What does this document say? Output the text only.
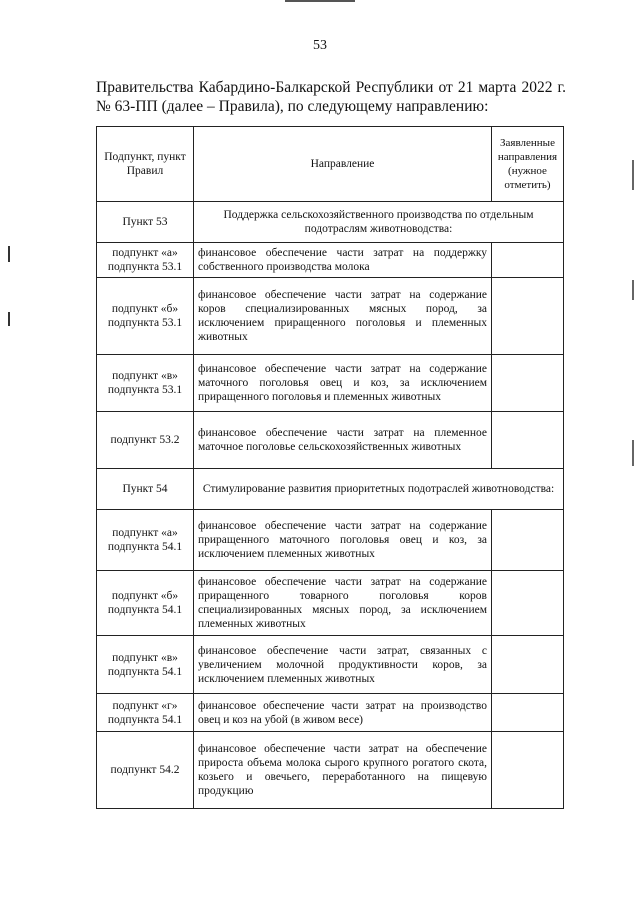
53
Правительства Кабардино-Балкарской Республики от 21 марта 2022 г.
№ 63-ПП (далее – Правила), по следующему направлению:
Подпункт, пункт Правил	Направление	Заявленные направления (нужное отметить)
Пункт 53	Поддержка сельскохозяйственного производства по отдельным подотраслям животноводства:	
подпункт «а» подпункта 53.1	финансовое обеспечение части затрат на поддержку собственного производства молока	
подпункт «б» подпункта 53.1	финансовое обеспечение части затрат на содержание коров специализированных мясных пород, за исключением приращенного поголовья и племенных животных	
подпункт «в» подпункта 53.1	финансовое обеспечение части затрат на содержание маточного поголовья овец и коз, за исключением приращенного поголовья и племенных животных	
подпункт 53.2	финансовое обеспечение части затрат на племенное маточное поголовье сельскохозяйственных животных	
Пункт 54	Стимулирование развития приоритетных подотраслей животноводства:	
подпункт «а» подпункта 54.1	финансовое обеспечение части затрат на содержание приращенного маточного поголовья овец и коз, за исключением племенных животных	
подпункт «б» подпункта 54.1	финансовое обеспечение части затрат на содержание приращенного товарного поголовья коров специализированных мясных пород, за исключением племенных животных	
подпункт «в» подпункта 54.1	финансовое обеспечение части затрат, связанных с увеличением молочной продуктивности коров, за исключением племенных животных	
подпункт «г» подпункта 54.1	финансовое обеспечение части затрат на производство овец и коз на убой (в живом весе)	
подпункт 54.2	финансовое обеспечение части затрат на обеспечение прироста объема молока сырого крупного рогатого скота, козьего и овечьего, переработанного на пищевую продукцию	
